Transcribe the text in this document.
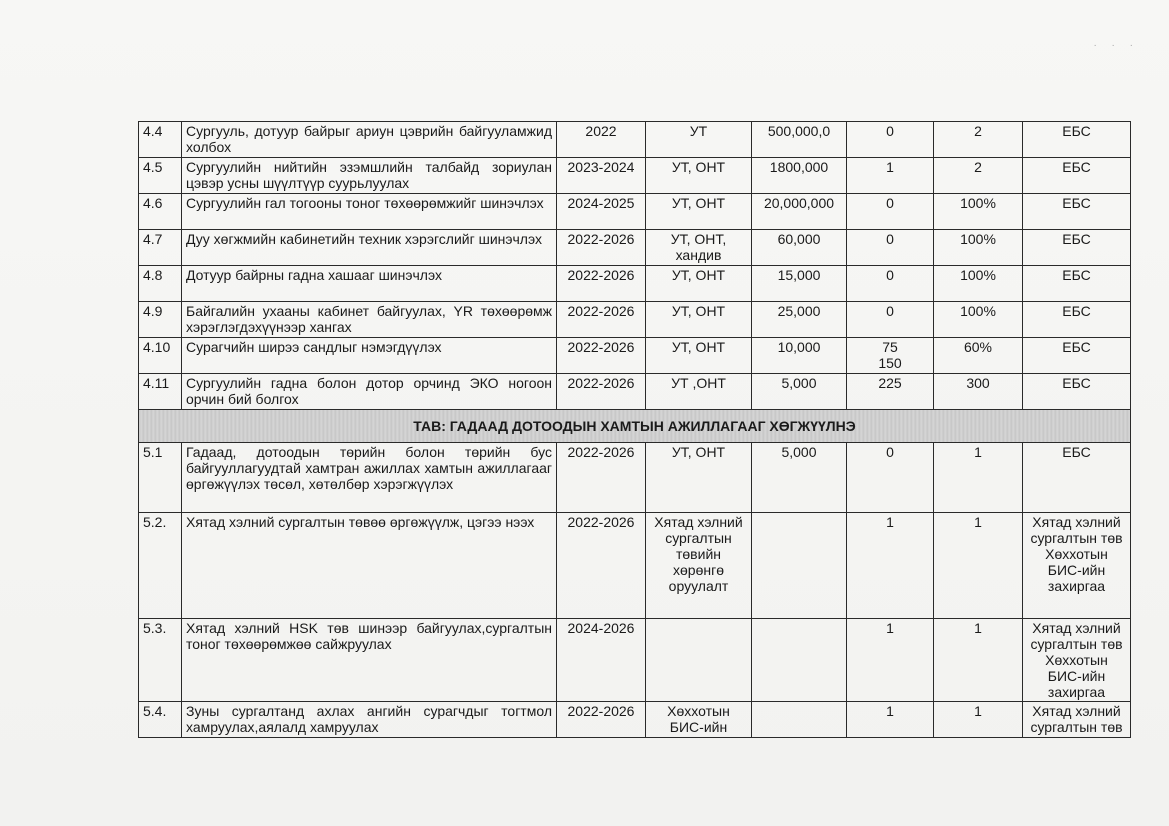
· · ·
4.4	Сургууль, дотуур байрыг ариун цэврийн байгууламжид холбох	2022	УТ	500,000,0	0	2	ЕБС
4.5	Сургуулийн нийтийн эзэмшлийн талбайд зориулан цэвэр усны шүүлтүүр суурьлуулах	2023-2024	УТ, ОНТ	1800,000	1	2	ЕБС
4.6	Сургуулийн гал тогооны тоног төхөөрөмжийг шинэчлэх	2024-2025	УТ, ОНТ	20,000,000	0	100%	ЕБС
4.7	Дуу хөгжмийн кабинетийн техник хэрэгслийг шинэчлэх	2022-2026	УТ, ОНТ, хандив	60,000	0	100%	ЕБС
4.8	Дотуур байрны гадна хашааг шинэчлэх	2022-2026	УТ, ОНТ	15,000	0	100%	ЕБС
4.9	Байгалийн ухааны кабинет байгуулах, YR төхөөрөмж хэрэглэгдэхүүнээр хангах	2022-2026	УТ, ОНТ	25,000	0	100%	ЕБС
4.10	Сурагчийн ширээ сандлыг нэмэгдүүлэх	2022-2026	УТ, ОНТ	10,000	75 150	60%	ЕБС
4.11	Сургуулийн гадна болон дотор орчинд ЭКО ногоон орчин бий болгох	2022-2026	УТ ,ОНТ	5,000	225	300	ЕБС
ТАВ: ГАДААД ДОТООДЫН ХАМТЫН АЖИЛЛАГААГ ХӨГЖҮҮЛНЭ							
5.1	Гадаад, дотоодын төрийн болон төрийн бус байгууллагуудтай хамтран ажиллах хамтын ажиллагааг өргөжүүлэх төсөл, хөтөлбөр хэрэгжүүлэх	2022-2026	УТ, ОНТ	5,000	0	1	ЕБС
5.2.	Хятад хэлний сургалтын төвөө өргөжүүлж, цэгээ нээх	2022-2026	Хятад хэлний сургалтын төвийн хөрөнгө оруулалт		1	1	Хятад хэлний сургалтын төв Хөххотын БИС-ийн захиргаа
5.3.	Хятад хэлний HSK төв шинээр байгуулах,сургалтын тоног төхөөрөмжөө сайжруулах	2024-2026			1	1	Хятад хэлний сургалтын төв Хөххотын БИС-ийн захиргаа
5.4.	Зуны сургалтанд ахлах ангийн сурагчдыг тогтмол хамруулах,аялалд хамруулах	2022-2026	Хөххотын БИС-ийн		1	1	Хятад хэлний сургалтын төв
